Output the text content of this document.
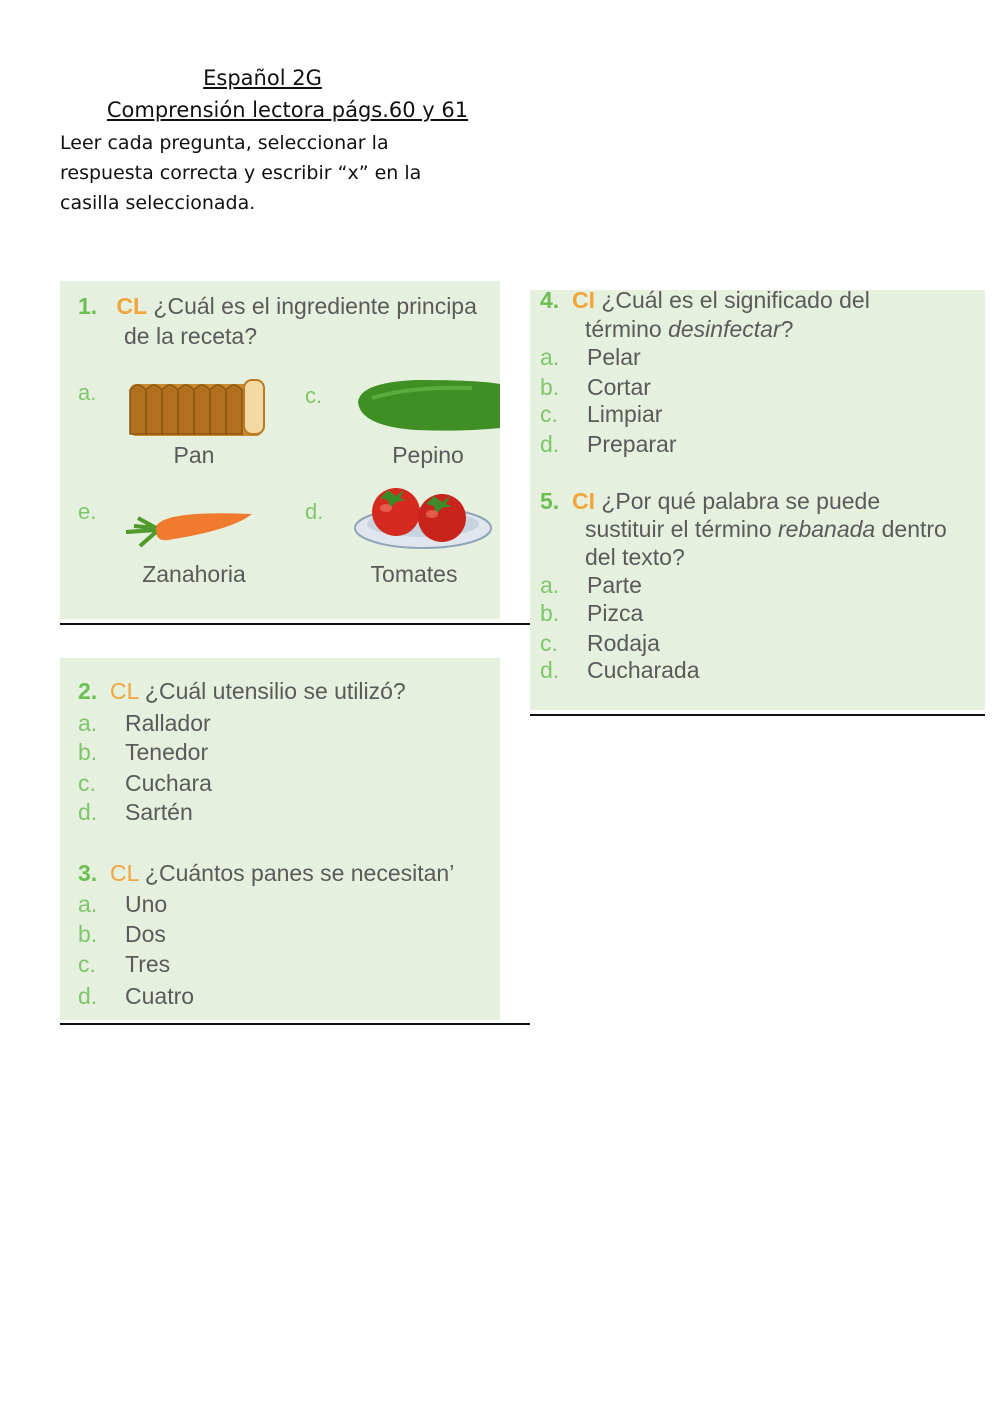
Español 2G
Comprensión lectora págs.60 y 61
Leer cada pregunta, seleccionar la respuesta correcta y escribir “x” en la casilla seleccionada.
1. CL ¿Cuál es el ingrediente principa
de la receta?
a.
Pan
c.
Pepino
e.
Zanahoria
d.
Tomates
2. CL ¿Cuál utensilio se utilizó?
a. Rallador
b. Tenedor
c. Cuchara
d. Sartén
3. CL ¿Cuántos panes se necesitan’
a. Uno
b. Dos
c. Tres
d. Cuatro
4. CI ¿Cuál es el significado del
término desinfectar?
a. Pelar
b. Cortar
c. Limpiar
d. Preparar
5. CI ¿Por qué palabra se puede
sustituir el término rebanada dentro
del texto?
a. Parte
b. Pizca
c. Rodaja
d. Cucharada
